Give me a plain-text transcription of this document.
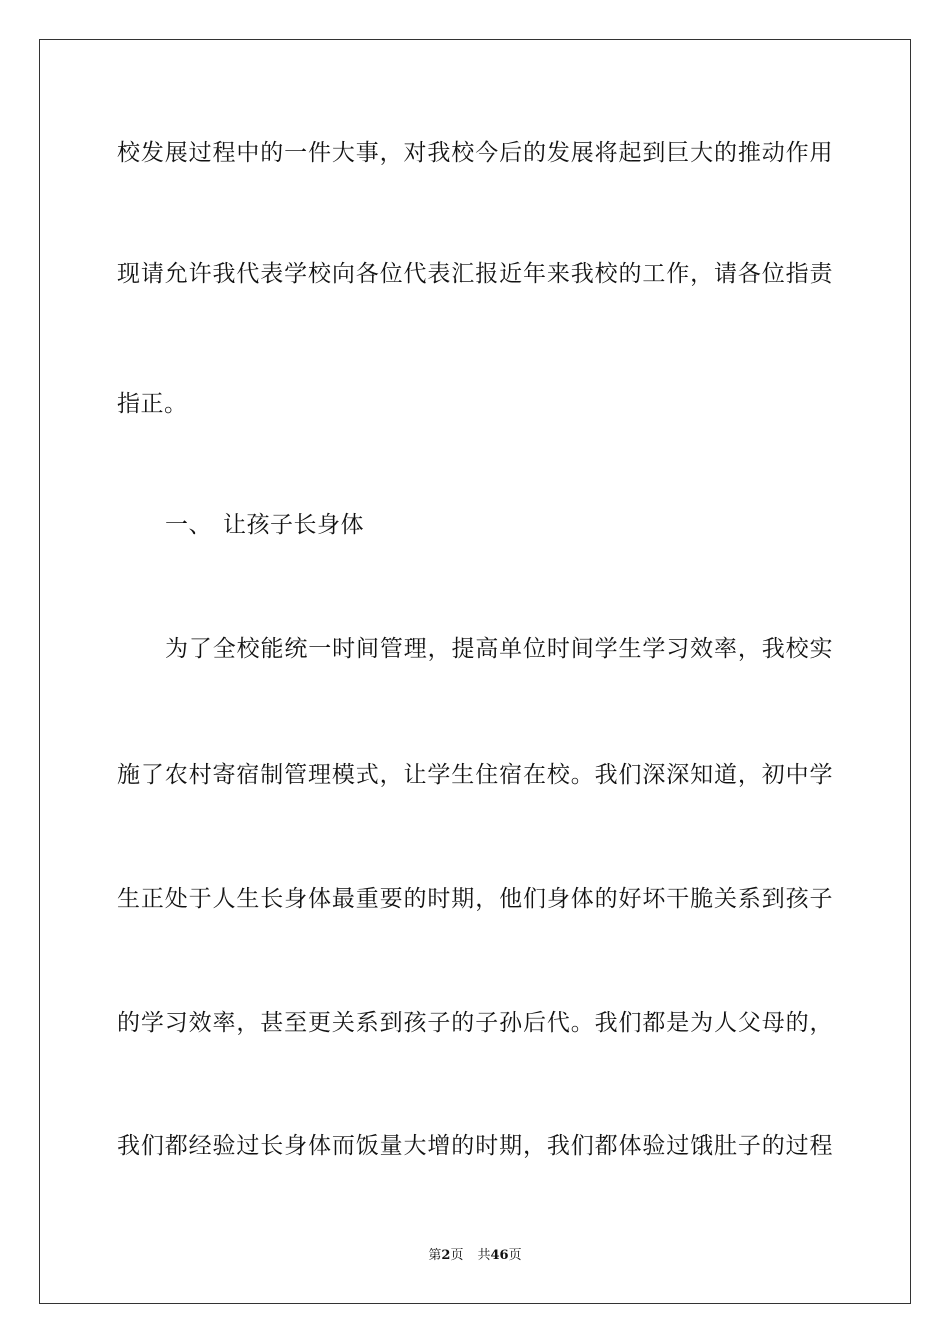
校发展过程中的一件大事，对我校今后的发展将起到巨大的推动作用
现请允许我代表学校向各位代表汇报近年来我校的工作，请各位指责
指正。
一、 让孩子长身体
为了全校能统一时间管理，提高单位时间学生学习效率，我校实
施了农村寄宿制管理模式，让学生住宿在校。我们深深知道，初中学
生正处于人生长身体最重要的时期，他们身体的好坏干脆关系到孩子
的学习效率，甚至更关系到孩子的子孙后代。我们都是为人父母的，
我们都经验过长身体而饭量大增的时期，我们都体验过饿肚子的过程
第2页 共46页
